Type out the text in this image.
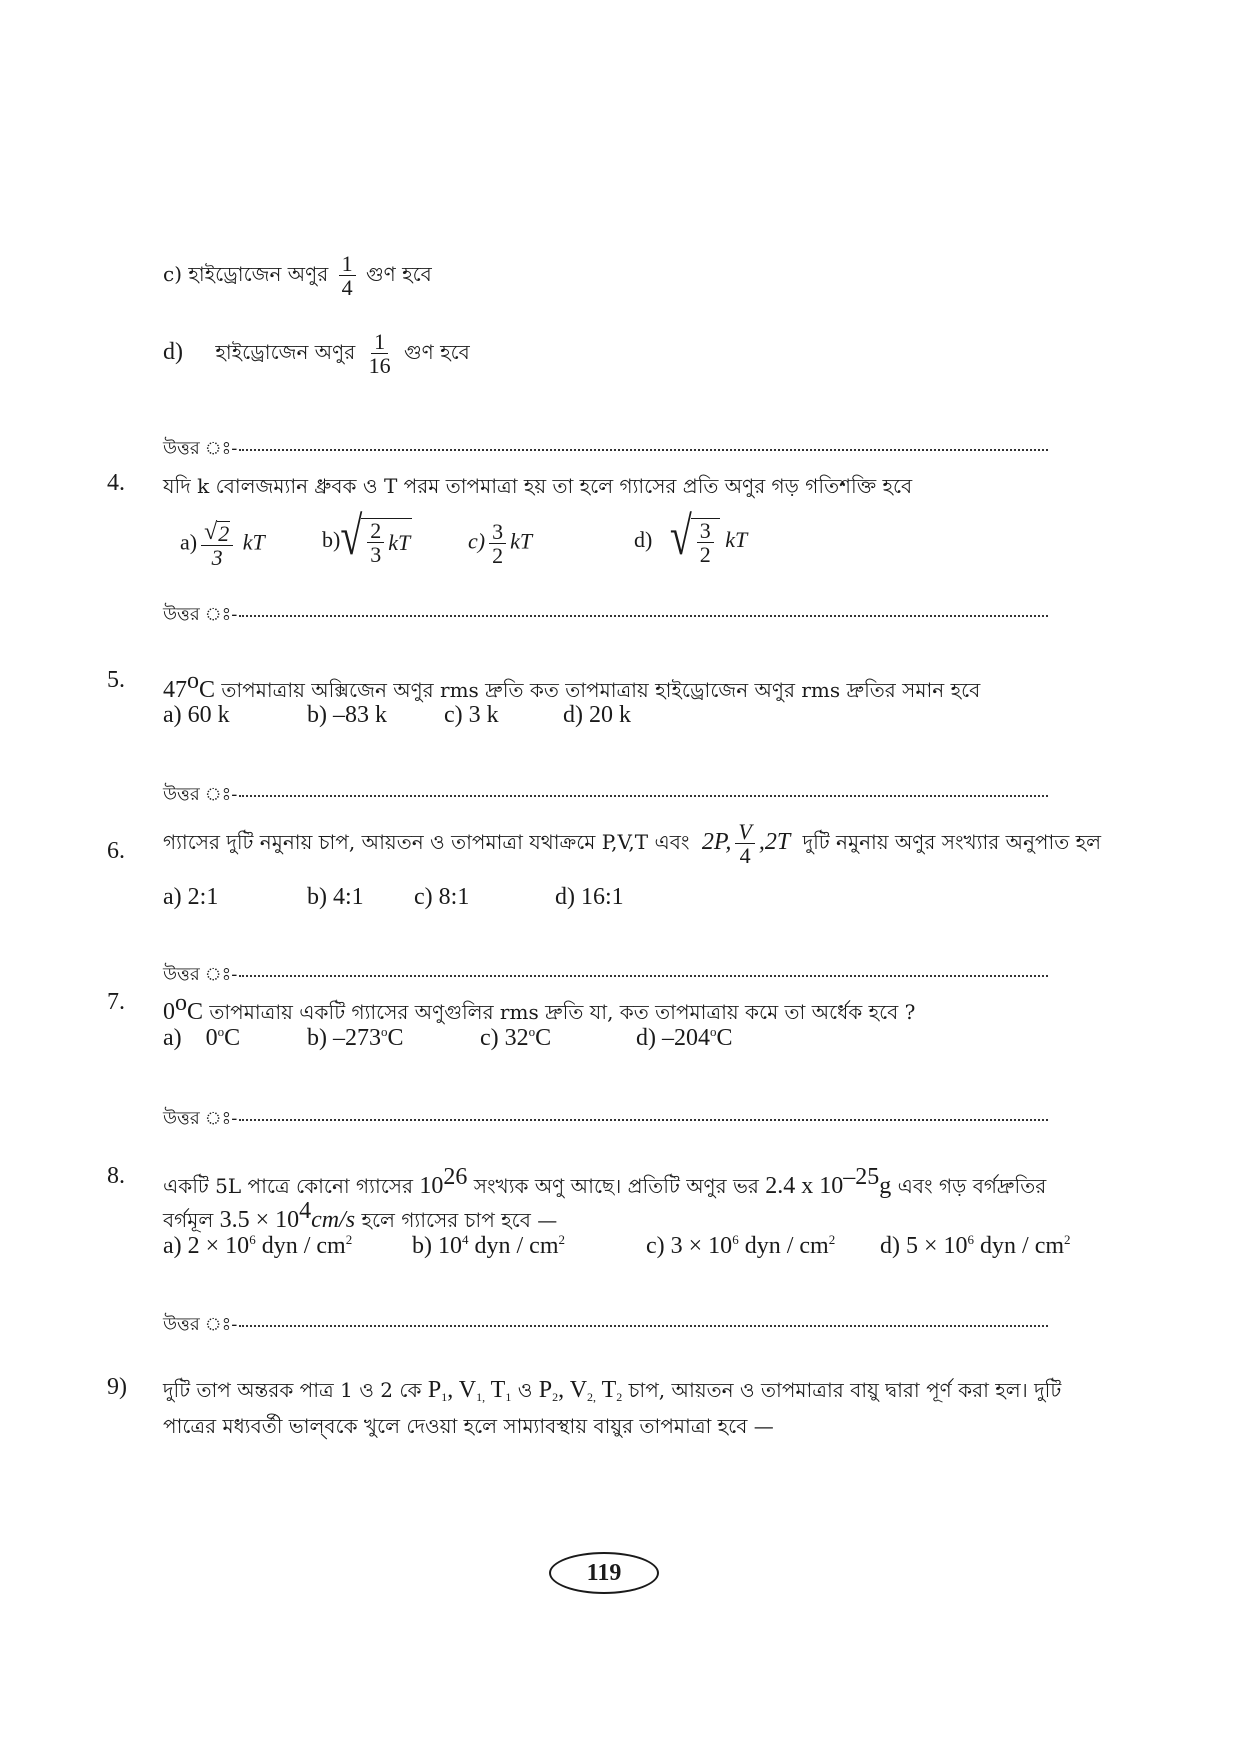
c) হাইড্রোজেন অণুর $\frac{1}{4}$ গুণ হবে
d) হাইড্রোজেন অণুর $\frac{1}{16}$ গুণ হবে
উত্তর ঃ-
4. যদি k বোলজম্যান ধ্রুবক ও T পরম তাপমাত্রা হয় তা হলে গ্যাসের প্রতি অণুর গড় গতিশক্তি হবে
$a) \frac{√ 2}{3}$ kT	b) √ $\frac{2}{3}$ kT	$c) \frac{3}{2}$ kT	d) √ $\frac{3}{2}$ kT
উত্তর ঃ-
5. 47$^o$C তাপমাত্রায় অক্সিজেন অণুর rms দ্রুতি কত তাপমাত্রায় হাইড্রোজেন অণুর rms দ্রুতির সমান হবে
a) 60 k	b) –83 k c) 3 k	d) 20 k
উত্তর ঃ-
6. গ্যাসের দুটি নমুনায় চাপ, আয়তন ও তাপমাত্রা যথাক্রমে P,V,T এবং 2P, $\frac{V}{4} ,2T$ দুটি নমুনায় অণুর সংখ্যার অনুপাত হল
a) 2:1	b) 4:1 c) 8:1	d) 16:1
উত্তর ঃ-
7. 0$^o$C তাপমাত্রায় একটি গ্যাসের অণুগুলির rms দ্রুতি যা, কত তাপমাত্রায় কমে তা অর্ধেক হবে ?
a) 0$^o$C	b) –273$^o$C	c) 32$^o$C	d) –204$^o$C
উত্তর ঃ-
8. একটি 5L পাত্রে কোনো গ্যাসের $10^{26}$ সংখ্যক অণু আছে। প্রতিটি অণুর ভর 2.4 x $10^{-25}g$ এবং গড় বর্গদ্রুতির
বর্গমূল $3.5 \times 10^4cm/s$ হলে গ্যাসের চাপ হবে —
a) $2 \times 10^6$ dyn / $cm^2$ b) $10^4$ dyn / $cm^2$	c) $3 \times 10^6$ dyn / $cm^2$ d) $5 \times 10^6$ dyn / $cm^2$
উত্তর ঃ-
9) দুটি তাপ অন্তরক পাত্র 1 ও 2 কে $P_1$, $V_{1,}$ $T_1$ ও $P_2$, $V_{2,}$ $T_2$ চাপ, আয়তন ও তাপমাত্রার বায়ু দ্বারা পূর্ণ করা হল। দুটি
পাত্রের মধ্যবর্তী ভাল্‌বকে খুলে দেওয়া হলে সাম্যাবস্থায় বায়ুর তাপমাত্রা হবে —
119
